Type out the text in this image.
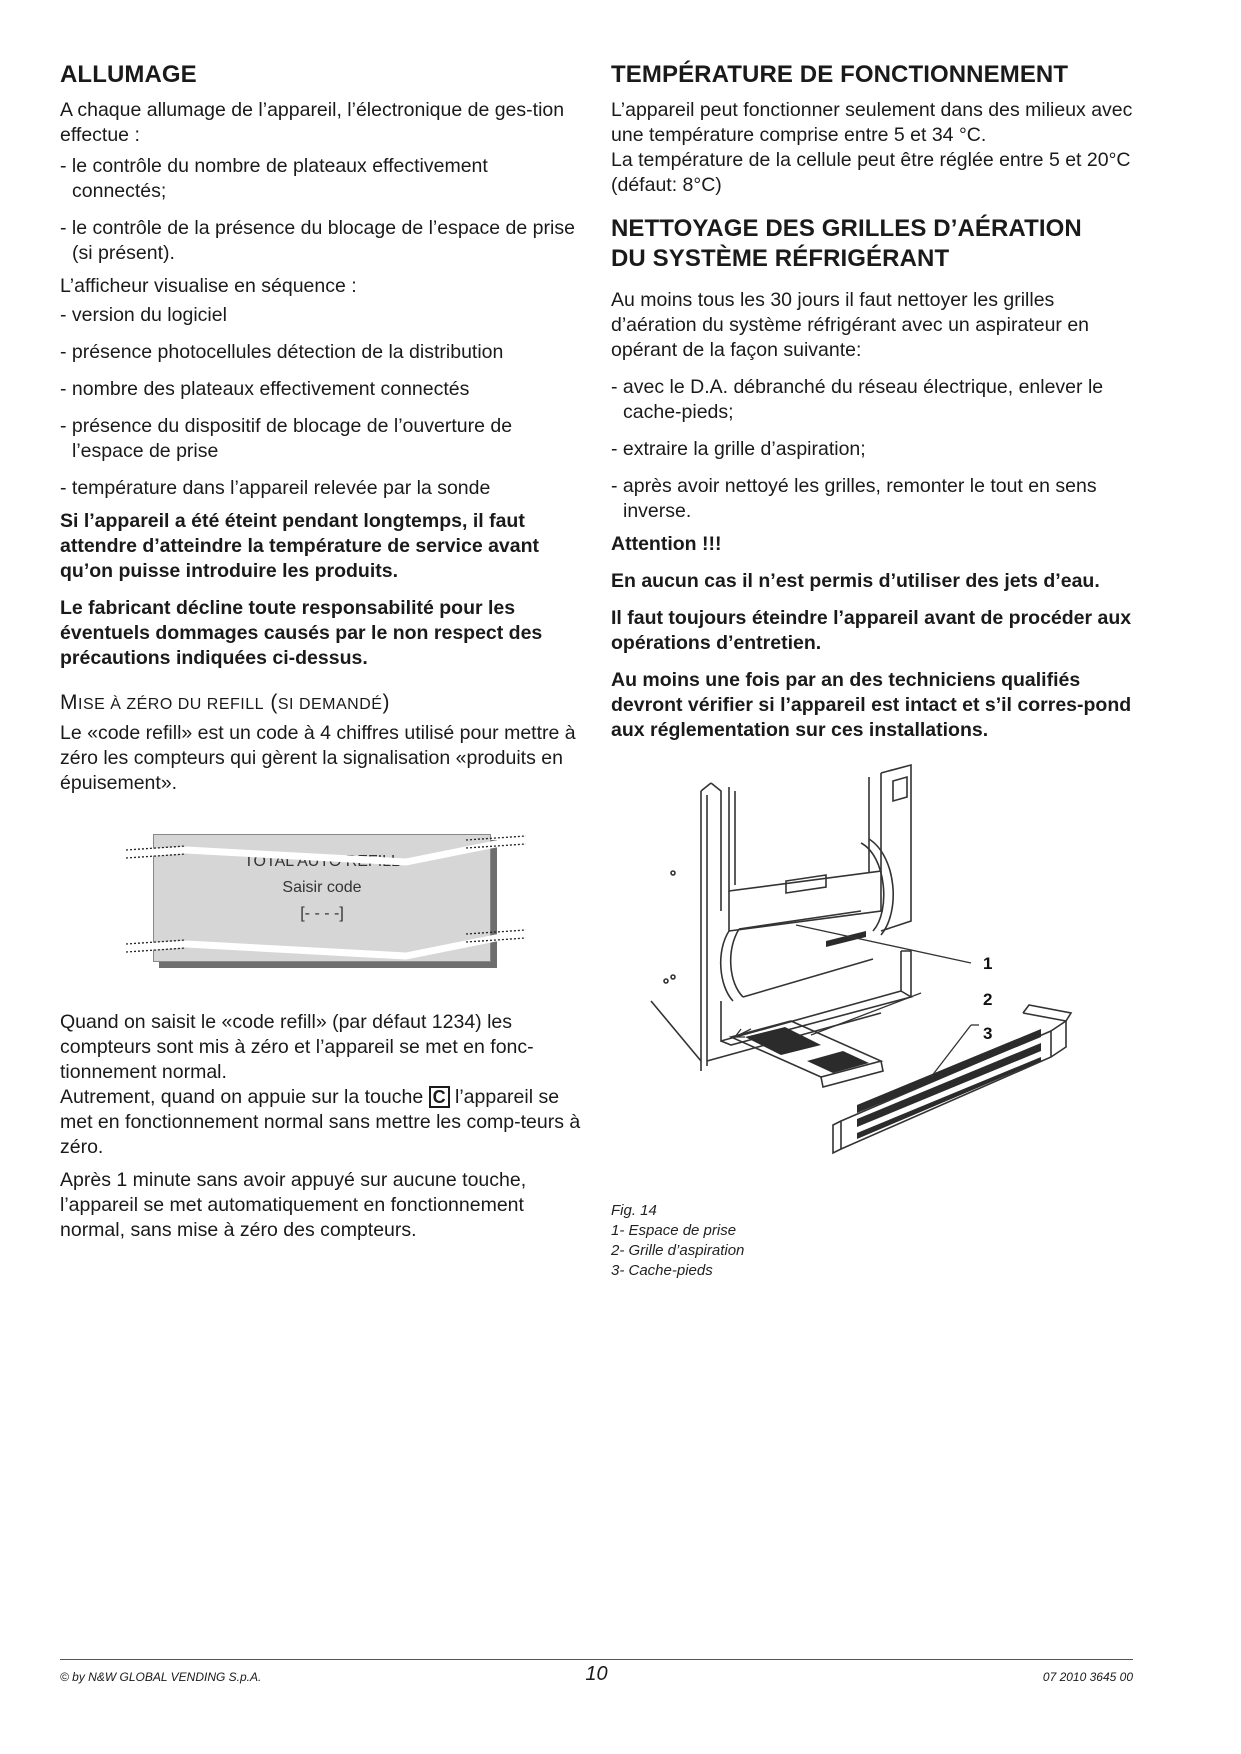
ALLUMAGE

A chaque allumage de l’appareil, l’électronique de ges-tion effectue :

- le contrôle du nombre de plateaux effectivement connectés;
- le contrôle de la présence du blocage de l’espace de prise (si présent).

L’afficheur visualise en séquence :

- version du logiciel
- présence photocellules détection de la distribution
- nombre des plateaux effectivement connectés
- présence du dispositif de blocage de l’ouverture de l’espace de prise
- température dans l’appareil relevée par la sonde

Si l’appareil a été éteint pendant longtemps, il faut attendre d’atteindre la température de service avant qu’on puisse introduire les produits.

Le fabricant décline toute responsabilité pour les éventuels dommages causés par le non respect des précautions indiquées ci-dessus.

MISE À ZÉRO DU REFILL (SI DEMANDÉ)

Le «code refill» est un code à 4 chiffres utilisé pour mettre à zéro les compteurs qui gèrent la signalisation «produits en épuisement».

TOTAL AUTO REFILL
Saisir code
[- - - -]

Quand on saisit le «code refill» (par défaut 1234) les compteurs sont mis à zéro et l’appareil se met en fonc-tionnement normal.

Autrement, quand on appuie sur la touche C l’appareil se met en fonctionnement normal sans mettre les comp-teurs à zéro.

Après 1 minute sans avoir appuyé sur aucune touche, l’appareil se met automatiquement en fonctionnement normal, sans mise à zéro des compteurs.

TEMPÉRATURE DE FONCTIONNEMENT

L’appareil peut fonctionner seulement dans des milieux avec une température comprise entre 5 et 34 °C.

La température de la cellule peut être réglée entre 5 et 20°C (défaut: 8°C)

NETTOYAGE DES GRILLES D’AÉRATION
DU SYSTÈME RÉFRIGÉRANT

Au moins tous les 30 jours il faut nettoyer les grilles d’aération du système réfrigérant avec un aspirateur en opérant de la façon suivante:

- avec le D.A. débranché du réseau électrique, enlever le cache-pieds;
- extraire la grille d’aspiration;
- après avoir nettoyé les grilles, remonter le tout en sens inverse.

Attention !!!

En aucun cas il n’est permis d’utiliser des jets d’eau.

Il faut toujours éteindre l’appareil avant de procéder aux opérations d’entretien.

Au moins une fois par an des techniciens qualifiés devront vérifier si l’appareil est intact et s’il corres-pond aux réglementation sur ces installations.

1
2
3
Fig. 14
1- Espace de prise
2- Grille d’aspiration
3- Cache-pieds
© by N&W GLOBAL VENDING S.p.A.	10	07 2010 3645 00
